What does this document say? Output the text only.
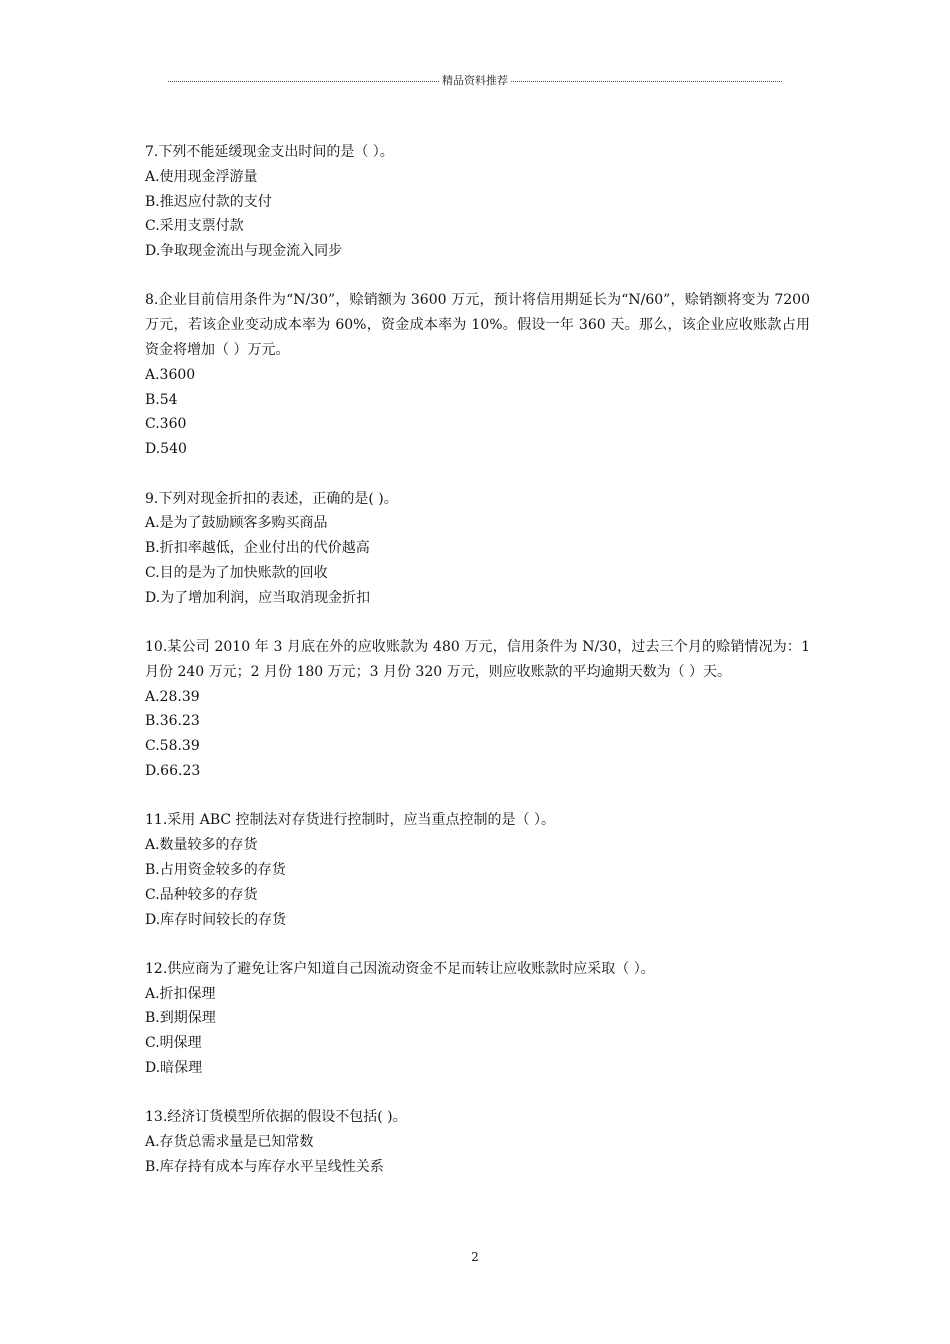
精品资料推荐
7.下列不能延缓现金支出时间的是（ ）。
A.使用现金浮游量
B.推迟应付款的支付
C.采用支票付款
D.争取现金流出与现金流入同步
8.企业目前信用条件为“N/30”，赊销额为 3600 万元，预计将信用期延长为“N/60”，赊销额将变为 7200 万元，若该企业变动成本率为 60%，资金成本率为 10%。假设一年 360 天。那么，该企业应收账款占用资金将增加（ ）万元。
A.3600
B.54
C.360
D.540
9.下列对现金折扣的表述，正确的是( )。
A.是为了鼓励顾客多购买商品
B.折扣率越低，企业付出的代价越高
C.目的是为了加快账款的回收
D.为了增加利润，应当取消现金折扣
10.某公司 2010 年 3 月底在外的应收账款为 480 万元，信用条件为 N/30，过去三个月的赊销情况为：1 月份 240 万元；2 月份 180 万元；3 月份 320 万元，则应收账款的平均逾期天数为（ ）天。
A.28.39
B.36.23
C.58.39
D.66.23
11.采用 ABC 控制法对存货进行控制时，应当重点控制的是（ ）。
A.数量较多的存货
B.占用资金较多的存货
C.品种较多的存货
D.库存时间较长的存货
12.供应商为了避免让客户知道自己因流动资金不足而转让应收账款时应采取（ ）。
A.折扣保理
B.到期保理
C.明保理
D.暗保理
13.经济订货模型所依据的假设不包括( )。
A.存货总需求量是已知常数
B.库存持有成本与库存水平呈线性关系
2
